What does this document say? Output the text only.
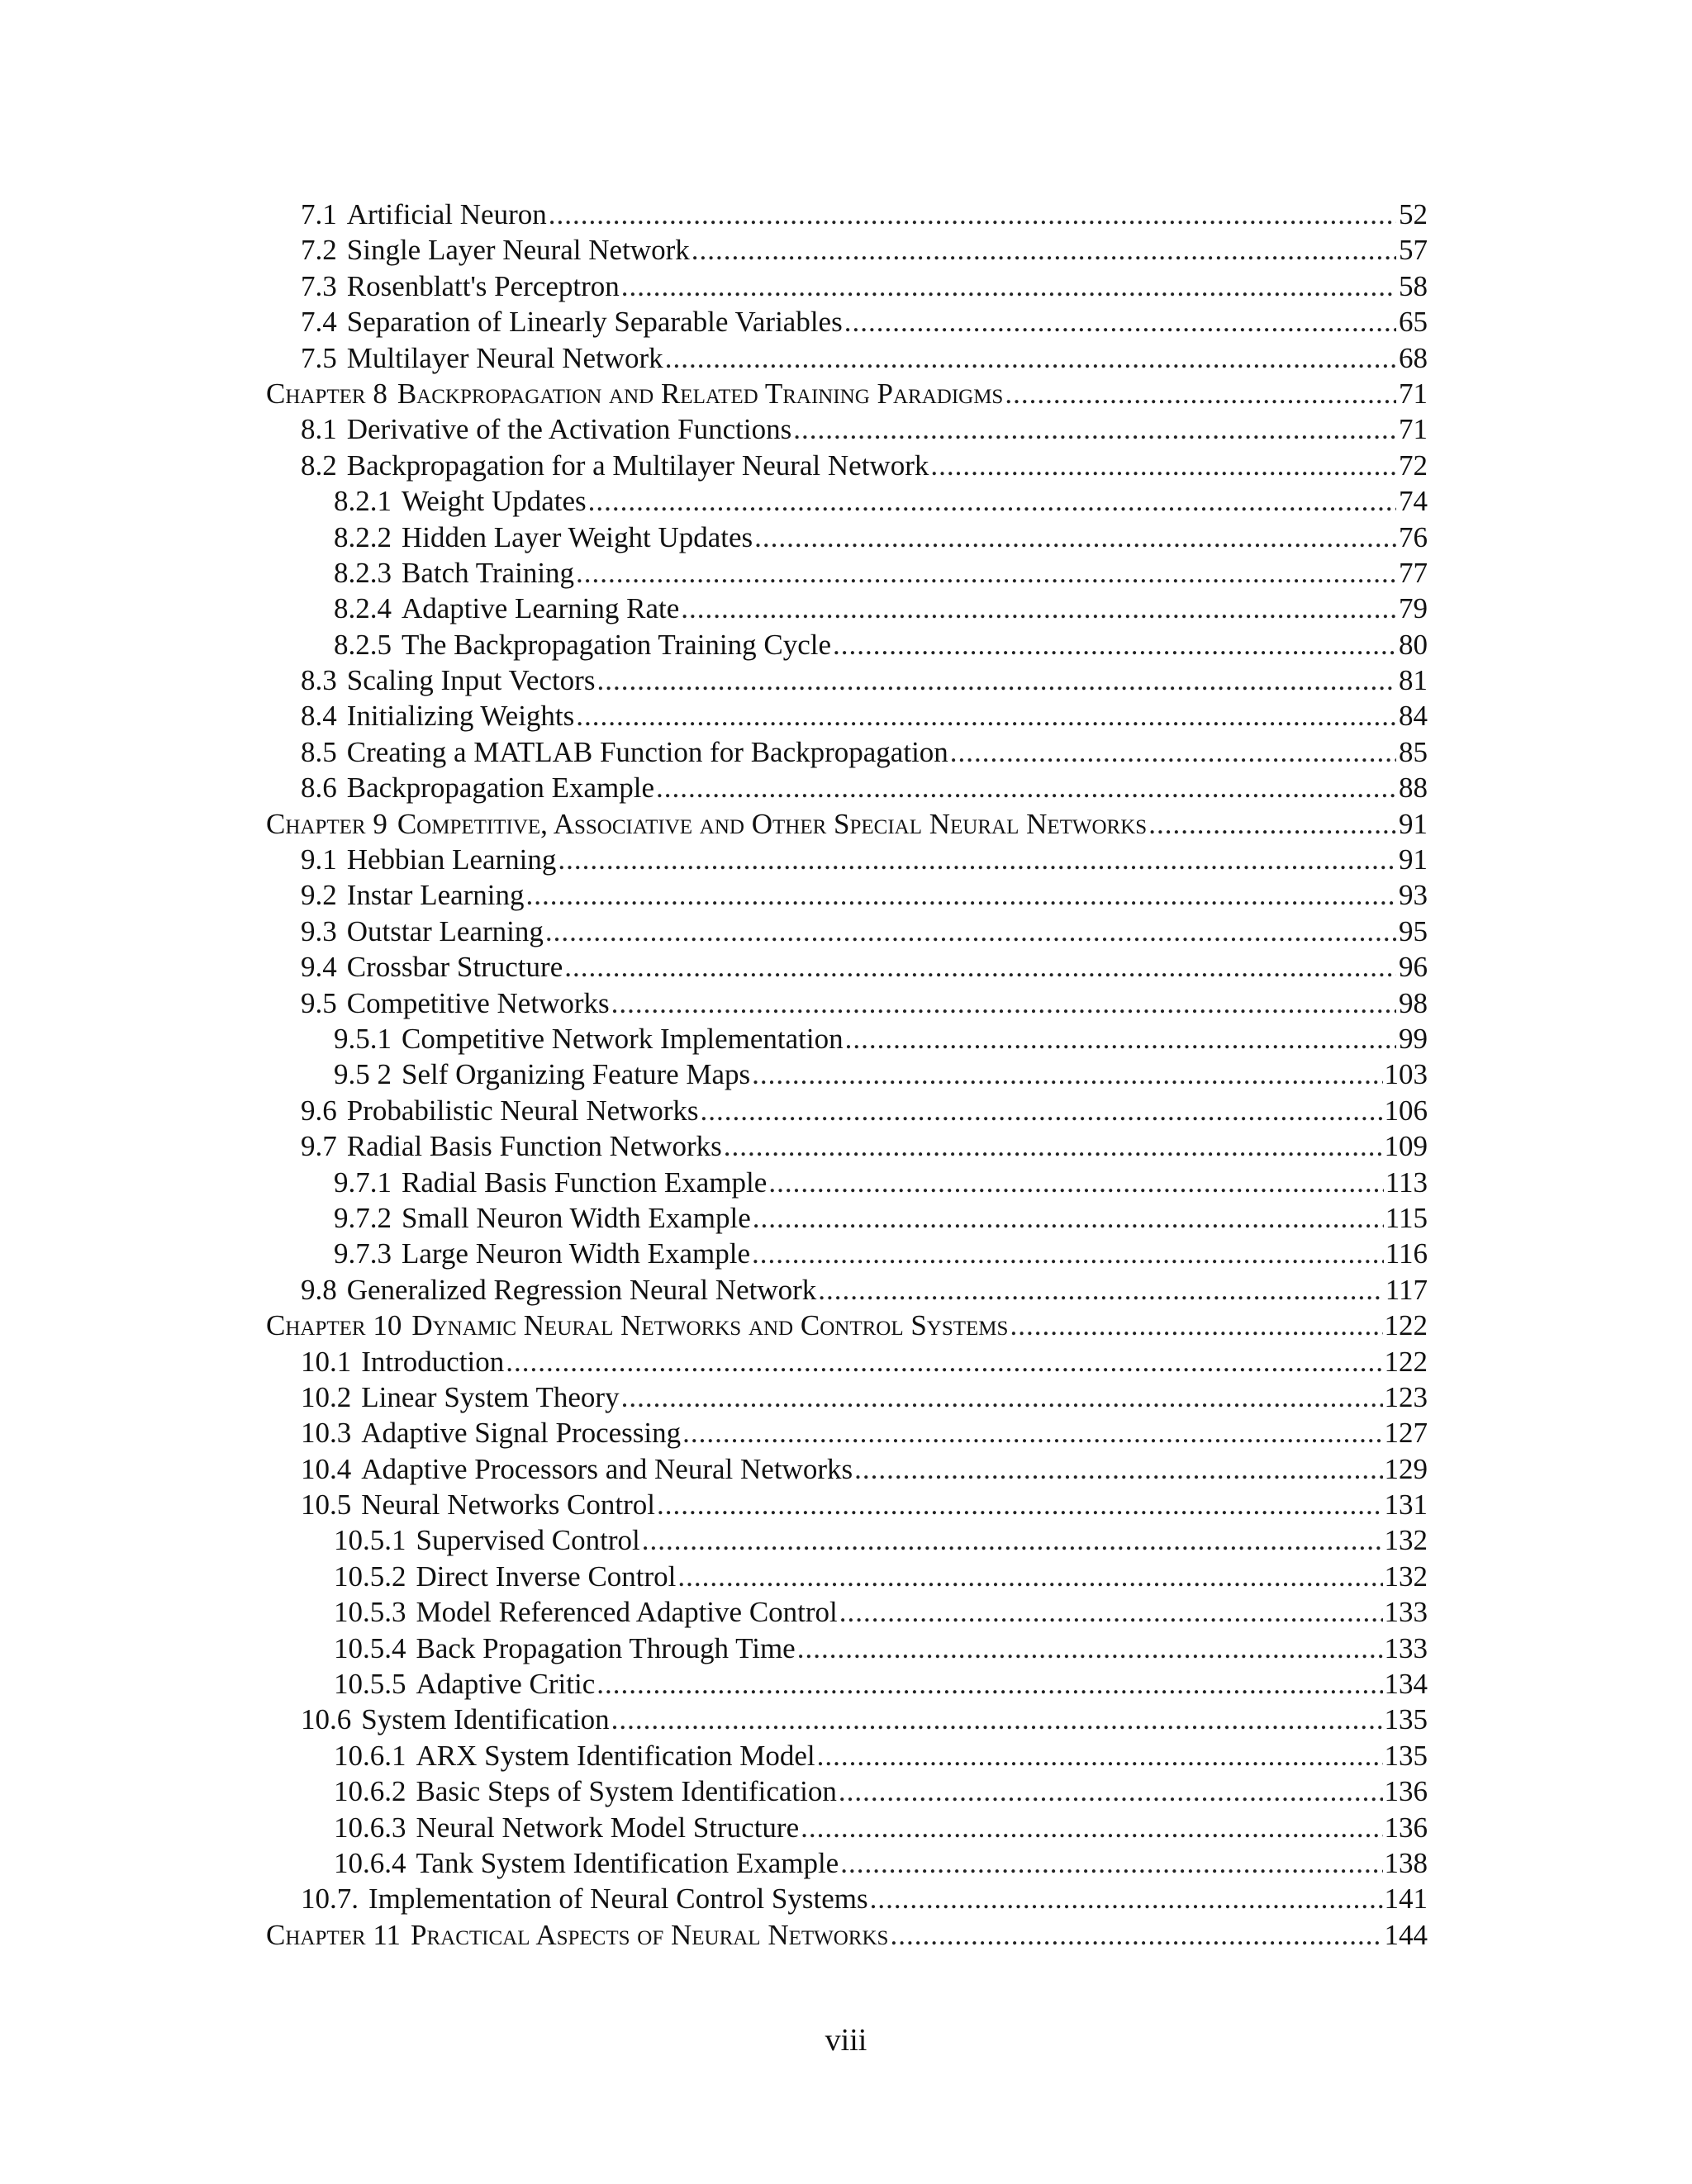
7.1 Artificial Neuron .....	52
7.2 Single Layer Neural Network .....	57
7.3 Rosenblatt's Perceptron .....	58
7.4 Separation of Linearly Separable Variables .....	65
7.5 Multilayer Neural Network .....	68
Chapter 8 Backpropagation and Related Training Paradigms .....	71
8.1 Derivative of the Activation Functions .....	71
8.2 Backpropagation for a Multilayer Neural Network .....	72
8.2.1 Weight Updates .....	74
8.2.2 Hidden Layer Weight Updates .....	76
8.2.3 Batch Training .....	77
8.2.4 Adaptive Learning Rate .....	79
8.2.5 The Backpropagation Training Cycle .....	80
8.3 Scaling Input Vectors .....	81
8.4 Initializing Weights .....	84
8.5 Creating a MATLAB Function for Backpropagation .....	85
8.6 Backpropagation Example .....	88
Chapter 9 Competitive, Associative and Other Special Neural Networks .....	91
9.1 Hebbian Learning .....	91
9.2 Instar Learning .....	93
9.3 Outstar Learning .....	95
9.4 Crossbar Structure .....	96
9.5 Competitive Networks .....	98
9.5.1 Competitive Network Implementation .....	99
9.5 2 Self Organizing Feature Maps .....	103
9.6 Probabilistic Neural Networks .....	106
9.7 Radial Basis Function Networks .....	109
9.7.1 Radial Basis Function Example .....	113
9.7.2 Small Neuron Width Example .....	115
9.7.3 Large Neuron Width Example .....	116
9.8 Generalized Regression Neural Network .....	117
Chapter 10 Dynamic Neural Networks and Control Systems .....	122
10.1 Introduction .....	122
10.2 Linear System Theory .....	123
10.3 Adaptive Signal Processing .....	127
10.4 Adaptive Processors and Neural Networks .....	129
10.5 Neural Networks Control .....	131
10.5.1 Supervised Control .....	132
10.5.2 Direct Inverse Control .....	132
10.5.3 Model Referenced Adaptive Control .....	133
10.5.4 Back Propagation Through Time .....	133
10.5.5 Adaptive Critic .....	134
10.6 System Identification .....	135
10.6.1 ARX System Identification Model .....	135
10.6.2 Basic Steps of System Identification .....	136
10.6.3 Neural Network Model Structure .....	136
10.6.4 Tank System Identification Example .....	138
10.7. Implementation of Neural Control Systems .....	141
Chapter 11 Practical Aspects of Neural Networks .....	144
viii
